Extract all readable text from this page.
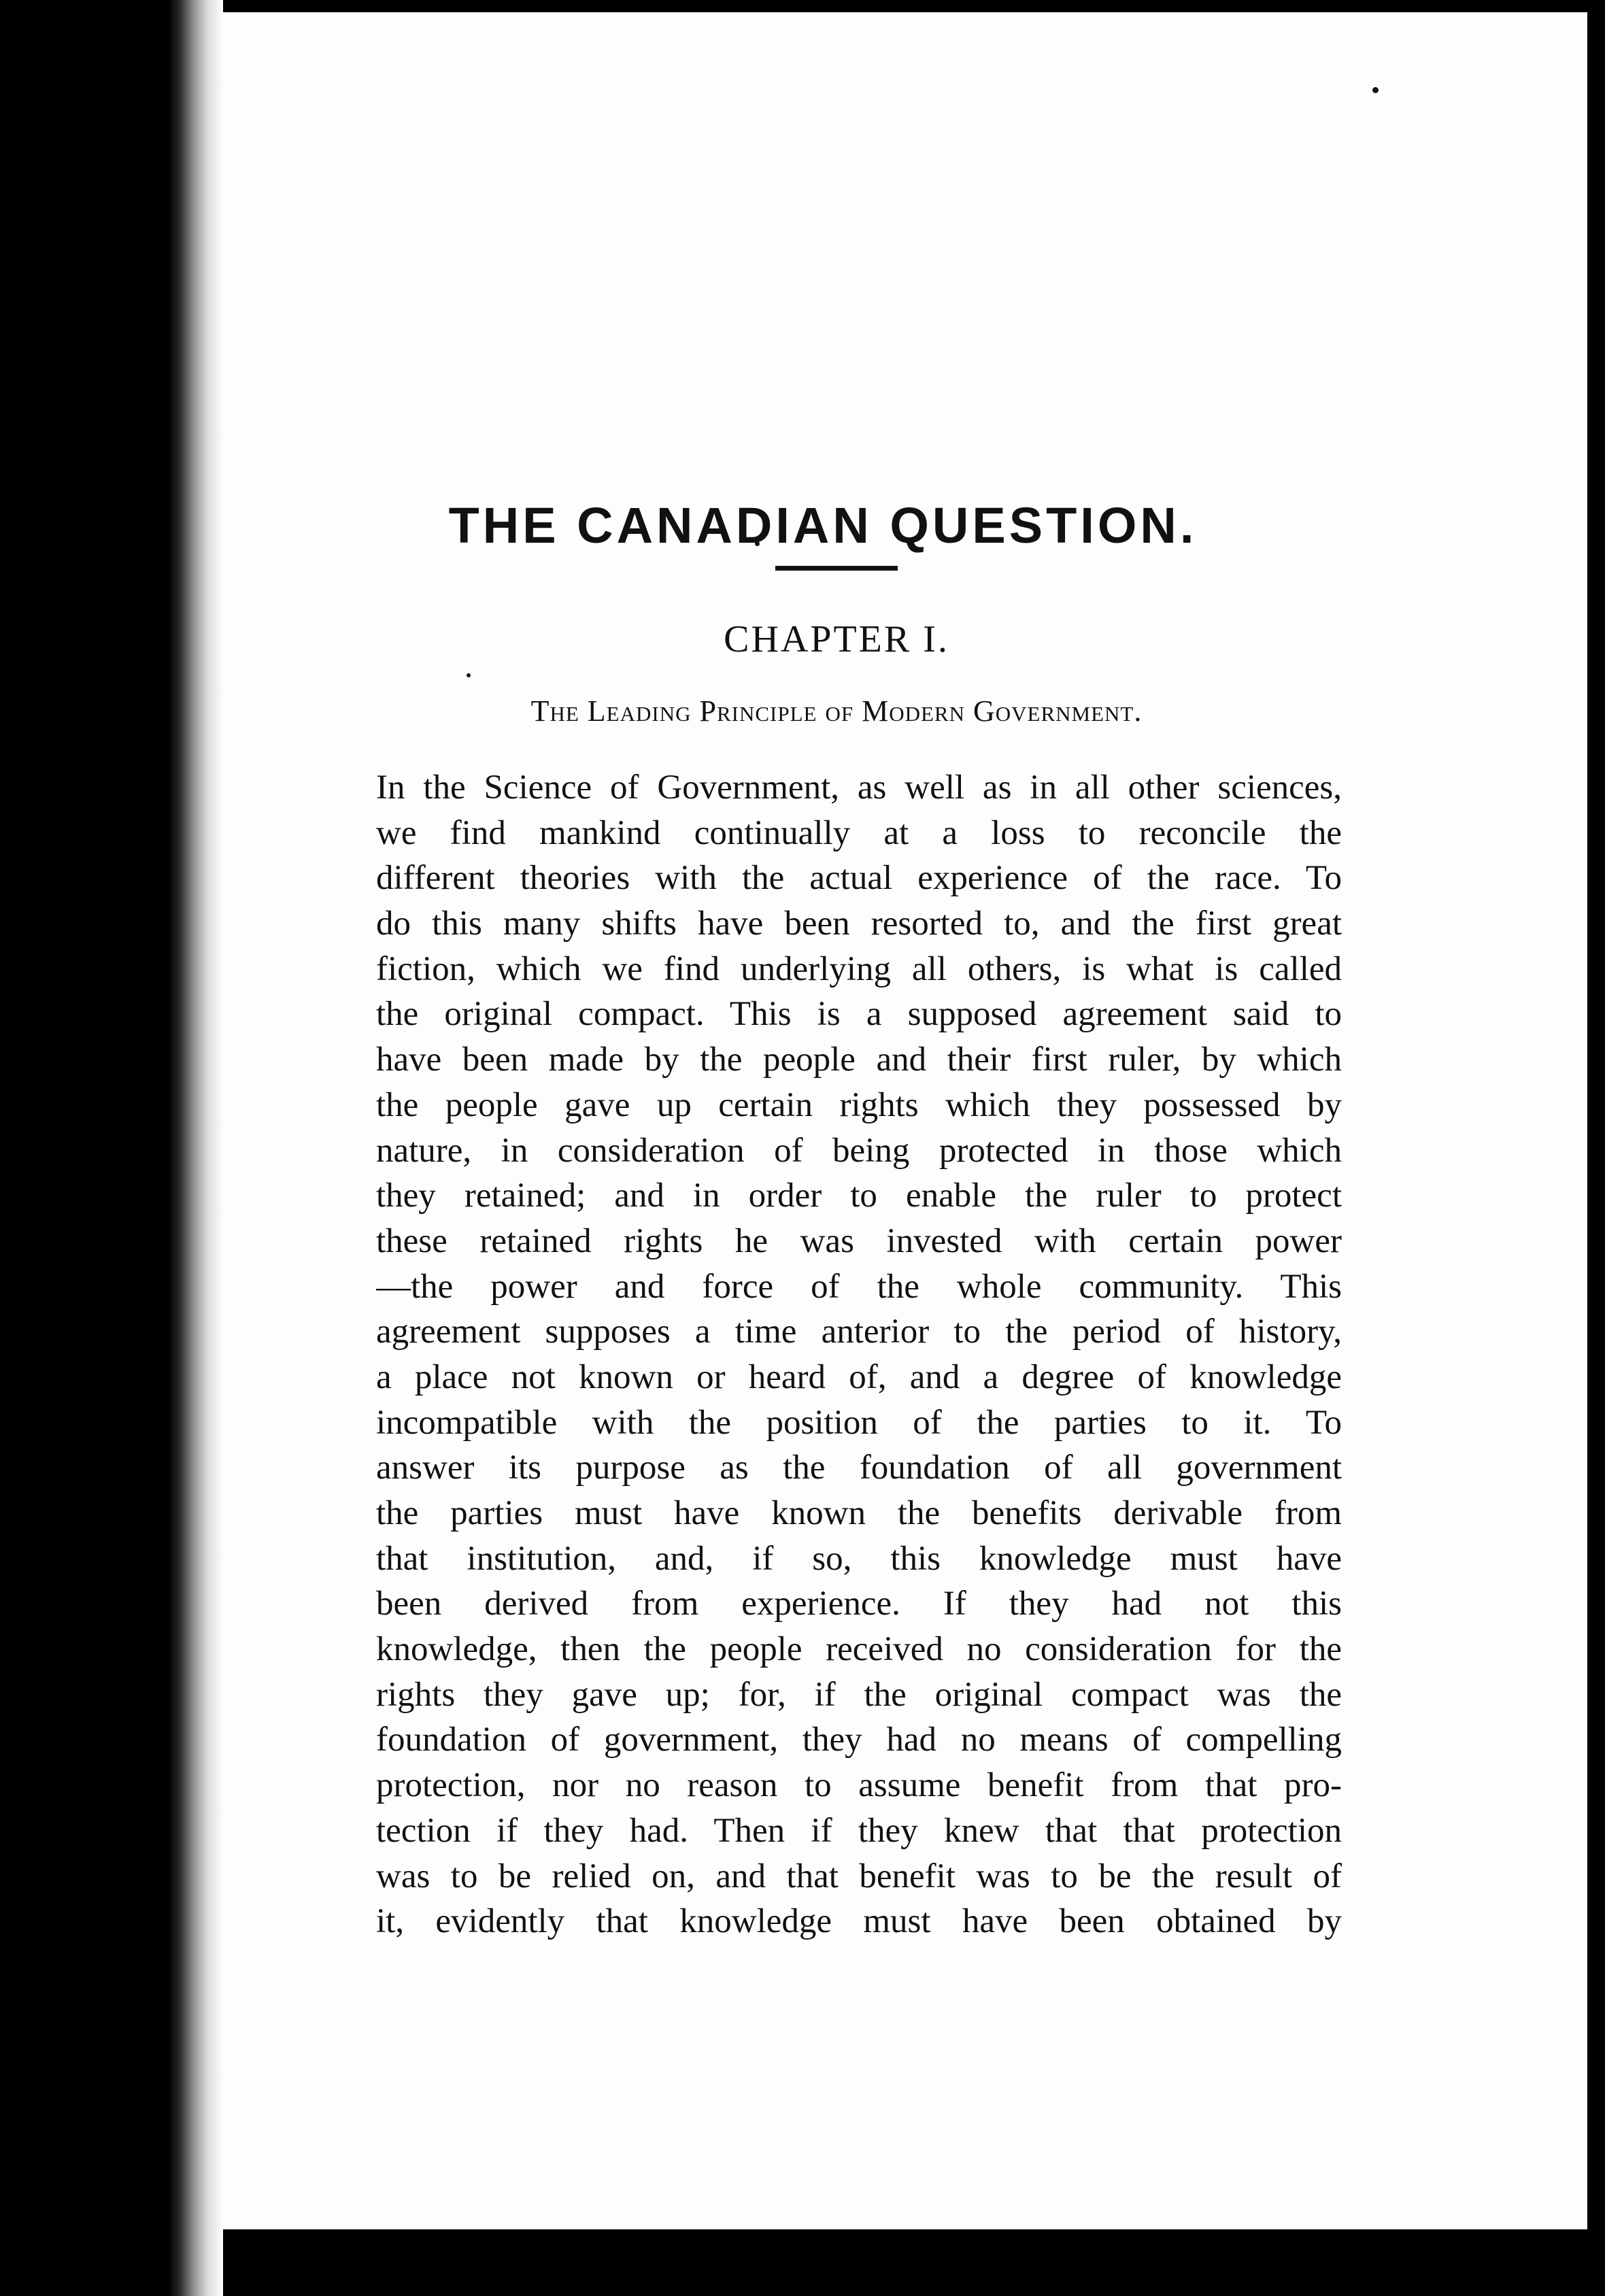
THE CANADIAN QUESTION.
CHAPTER I.
The Leading Principle of Modern Government.
In the Science of Government, as well as in all other sciences,
we find mankind continually at a loss to reconcile the
different theories with the actual experience of the race. To
do this many shifts have been resorted to, and the first great
fiction, which we find underlying all others, is what is called
the original compact. This is a supposed agreement said to
have been made by the people and their first ruler, by which
the people gave up certain rights which they possessed by
nature, in consideration of being protected in those which
they retained; and in order to enable the ruler to protect
these retained rights he was invested with certain power
—the power and force of the whole community. This
agreement supposes a time anterior to the period of history,
a place not known or heard of, and a degree of knowledge
incompatible with the position of the parties to it. To
answer its purpose as the foundation of all government
the parties must have known the benefits derivable from
that institution, and, if so, this knowledge must have
been derived from experience. If they had not this
knowledge, then the people received no consideration for the
rights they gave up; for, if the original compact was the
foundation of government, they had no means of compelling
protection, nor no reason to assume benefit from that pro-
tection if they had. Then if they knew that that protection
was to be relied on, and that benefit was to be the result of
it, evidently that knowledge must have been obtained by
